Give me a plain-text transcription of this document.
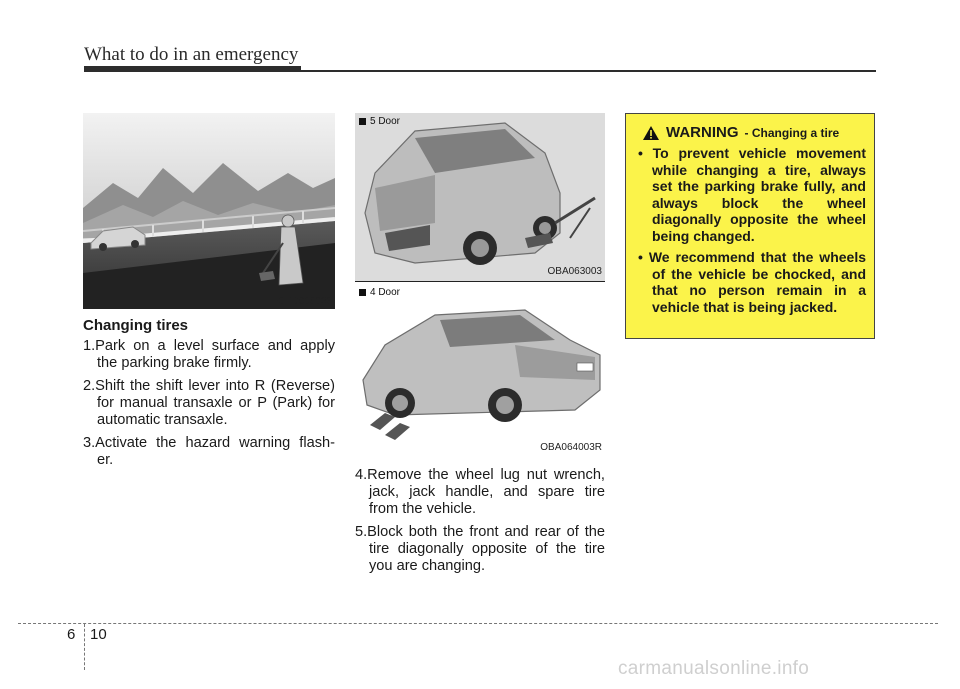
What to do in an emergency
OED066033
Changing tires

1.Park on a level surface and apply the parking brake firmly.

2.Shift the shift lever into R (Reverse) for manual transaxle or P (Park) for automatic transaxle.

3.Activate the hazard warning flash- er.

5 Door
OBA063003
4 Door
OBA064003R

4.Remove the wheel lug nut wrench, jack, jack handle, and spare tire from the vehicle.

5.Block both the front and rear of the tire diagonally opposite of the tire you are changing.

WARNING - Changing a tire
• To prevent vehicle movement while changing a tire, always set the parking brake fully, and always block the wheel diagonally opposite the wheel being changed.
• We recommend that the wheels of the vehicle be chocked, and that no person remain in a vehicle that is being jacked.
6 10
carmanualsonline.info
